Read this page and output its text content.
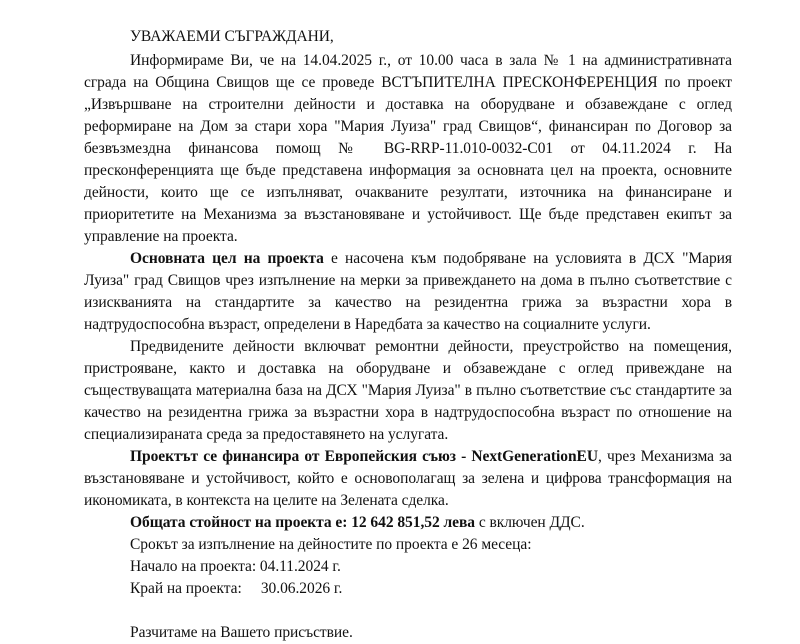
УВАЖАЕМИ СЪГРАЖДАНИ,

Информираме Ви, че на 14.04.2025 г., от 10.00 часа в зала № 1 на административната сграда на Община Свищов ще се проведе ВСТЪПИТЕЛНА ПРЕСКОНФЕРЕНЦИЯ по проект „Извършване на строителни дейности и доставка на оборудване и обзавеждане с оглед реформиране на Дом за стари хора "Мария Луиза" град Свищов“, финансиран по Договор за безвъзмездна финансова помощ № BG-RRP-11.010-0032-C01 от 04.11.2024 г. На пресконференцията ще бъде представена информация за основната цел на проекта, основните дейности, които ще се изпълняват, очакваните резултати, източника на финансиране и приоритетите на Механизма за възстановяване и устойчивост. Ще бъде представен екипът за управление на проекта.

Основната цел на проекта е насочена към подобряване на условията в ДСХ "Мария Луиза" град Свищов чрез изпълнение на мерки за привеждането на дома в пълно съответствие с изискванията на стандартите за качество на резидентна грижа за възрастни хора в надтрудоспособна възраст, определени в Наредбата за качество на социалните услуги.

Предвидените дейности включват ремонтни дейности, преустройство на помещения, пристрояване, както и доставка на оборудване и обзавеждане с оглед привеждане на съществуващата материална база на ДСХ "Мария Луиза" в пълно съответствие със стандартите за качество на резидентна грижа за възрастни хора в надтрудоспособна възраст по отношение на специализираната среда за предоставянето на услугата.

Проектът се финансира от Европейския съюз - NextGenerationEU, чрез Механизма за възстановяване и устойчивост, който е основополагащ за зелена и цифрова трансформация на икономиката, в контекста на целите на Зелената сделка.

Общата стойност на проекта е: 12 642 851,52 лева с включен ДДС.

Срокът за изпълнение на дейностите по проекта е 26 месеца:

Начало на проекта: 04.11.2024 г.

Край на проекта:     30.06.2026 г.

Разчитаме на Вашето присъствие.
